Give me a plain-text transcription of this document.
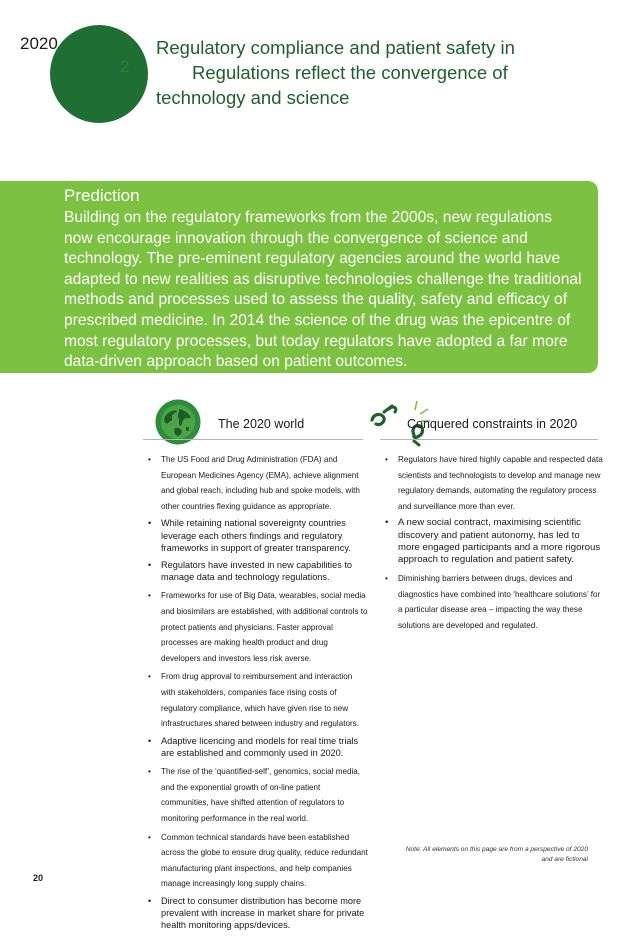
2020
2
Regulatory compliance and patient safety in
Regulations reflect the convergence of
technology and science

Prediction

Building on the regulatory frameworks from the 2000s, new regulations now encourage innovation through the convergence of science and technology. The pre-eminent regulatory agencies around the world have adapted to new realities as disruptive technologies challenge the traditional methods and processes used to assess the quality, safety and efficacy of prescribed medicine. In 2014 the science of the drug was the epicentre of most regulatory processes, but today regulators have adopted a far more data-driven approach based on patient outcomes.

The 2020 world	Conquered constraints in 2020
• The US Food and Drug Administration (FDA) and European Medicines Agency (EMA), achieve alignment and global reach, including hub and spoke models, with other countries flexing guidance as appropriate.
• While retaining national sovereignty countries leverage each others findings and regulatory frameworks in support of greater transparency.
• Regulators have invested in new capabilities to manage data and technology regulations.
• Frameworks for use of Big Data, wearables, social media and biosimilars are established, with additional controls to protect patients and physicians. Faster approval processes are making health product and drug developers and investors less risk averse.
• From drug approval to reimbursement and interaction with stakeholders, companies face rising costs of regulatory compliance, which have given rise to new infrastructures shared between industry and regulators.
• Adaptive licencing and models for real time trials are established and commonly used in 2020.
• The rise of the ‘quantified-self’, genomics, social media, and the exponential growth of on-line patient communities, have shifted attention of regulators to monitoring performance in the real world.
• Common technical standards have been established across the globe to ensure drug quality, reduce redundant manufacturing plant inspections, and help companies manage increasingly long supply chains.
• Direct to consumer distribution has become more prevalent with increase in market share for private health monitoring apps/devices.
• Regulators have hired highly capable and respected data scientists and technologists to develop and manage new regulatory demands, automating the regulatory process and surveillance more than ever.
• A new social contract, maximising scientific discovery and patient autonomy, has led to more engaged participants and a more rigorous approach to regulation and patient safety.
• Diminishing barriers between drugs, devices and diagnostics have combined into ‘healthcare solutions’ for a particular disease area – impacting the way these solutions are developed and regulated.
Note: All elements on this page are from a perspective of 2020 and are fictional
20
